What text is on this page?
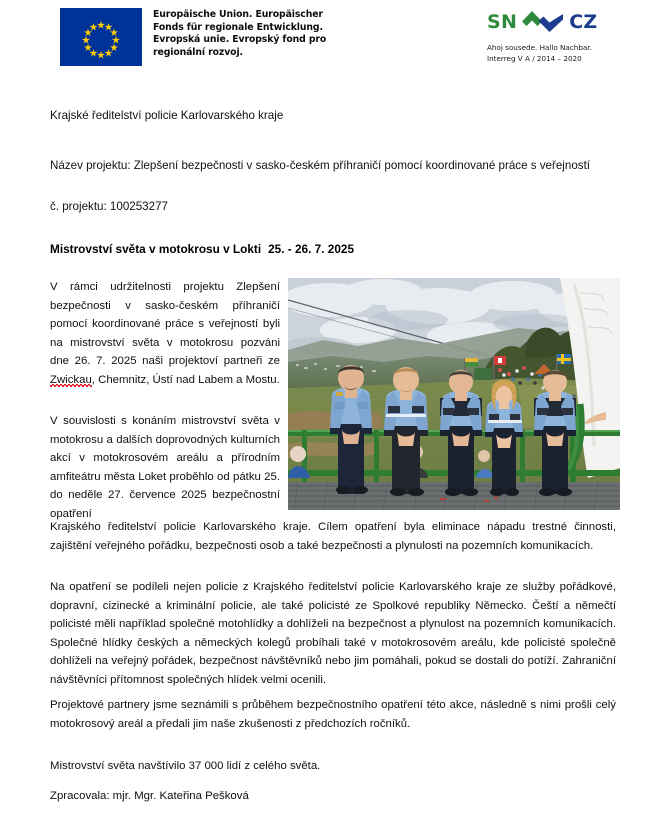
Europäische Union. Europäischer
Fonds für regionale Entwicklung.
Evropská unie. Evropský fond pro
regionální rozvoj.
SN	CZ
Ahoj sousede. Hallo Nachbar.
Interreg V A / 2014 – 2020
Krajské ředitelství policie Karlovarského kraje
Název projektu: Zlepšení bezpečnosti v sasko-českém příhraničí pomocí koordinované práce s veřejností
č. projektu: 100253277
Mistrovství světa v motokrosu v Lokti 25. - 26. 7. 2025
V rámci udržitelnosti projektu Zlepšení bezpečnosti v sasko-českém příhraničí pomocí koordinované práce s veřejností byli na mistrovství světa v motokrosu pozváni dne 26. 7. 2025 naši projektoví partneři ze Zwickau, Chemnitz, Ústí nad Labem a Mostu.
V souvislosti s konáním mistrovství světa v motokrosu a dalších doprovodných kulturních akcí v motokrosovém areálu a přírodním amfiteátru města Loket proběhlo od pátku 25. do neděle 27. července 2025 bezpečnostní opatření
Krajského ředitelství policie Karlovarského kraje. Cílem opatření byla eliminace nápadu trestné činnosti, zajištění veřejného pořádku, bezpečnosti osob a také bezpečnosti a plynulosti na pozemních komunikacích.
Na opatření se podíleli nejen policie z Krajského ředitelství policie Karlovarského kraje ze služby pořádkové, dopravní, cizinecké a kriminální policie, ale také policisté ze Spolkové republiky Německo. Čeští a němečtí policisté měli například společné motohlídky a dohlíželi na bezpečnost a plynulost na pozemních komunikacích. Společné hlídky českých a německých kolegů probíhali také v motokrosovém areálu, kde policisté společně dohlíželi na veřejný pořádek, bezpečnost návštěvníků nebo jim pomáhali, pokud se dostali do potíží. Zahraniční návštěvníci přítomnost společných hlídek velmi ocenili.
Projektové partnery jsme seznámili s průběhem bezpečnostního opatření této akce, následně s nimi prošli celý motokrosový areál a předali jim naše zkušenosti z předchozích ročníků.
Mistrovství světa navštívilo 37 000 lidí z celého světa.
Zpracovala: mjr. Mgr. Kateřina Pešková
